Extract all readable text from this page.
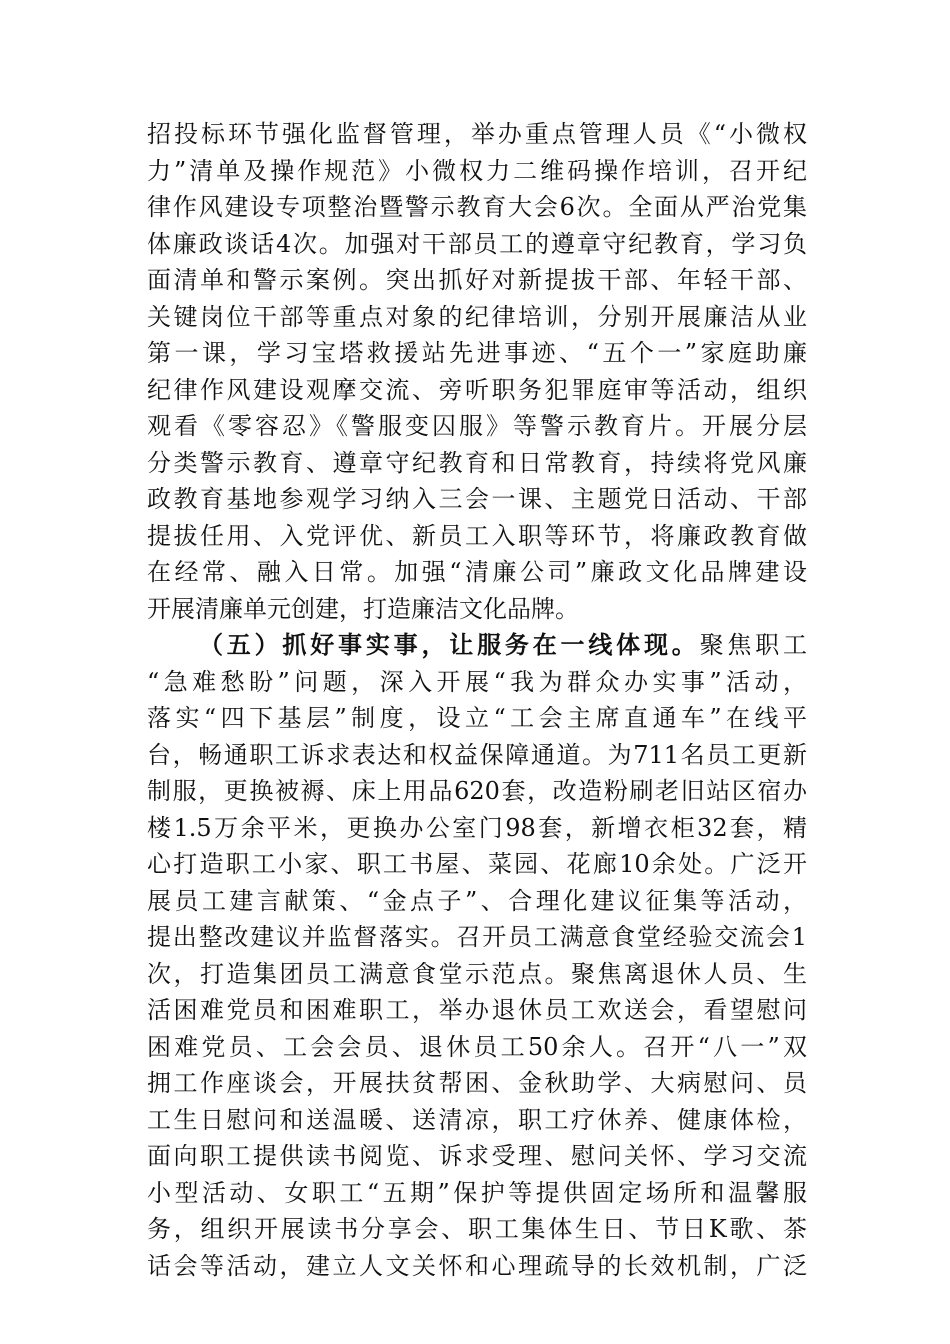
招投标环节强化监督管理，举办重点管理人员《“小微权
力”清单及操作规范》小微权力二维码操作培训，召开纪
律作风建设专项整治暨警示教育大会6次。全面从严治党集
体廉政谈话4次。加强对干部员工的遵章守纪教育，学习负
面清单和警示案例。突出抓好对新提拔干部、年轻干部、
关键岗位干部等重点对象的纪律培训，分别开展廉洁从业
第一课，学习宝塔救援站先进事迹、“五个一”家庭助廉
纪律作风建设观摩交流、旁听职务犯罪庭审等活动，组织
观看《零容忍》《警服变囚服》等警示教育片。开展分层
分类警示教育、遵章守纪教育和日常教育，持续将党风廉
政教育基地参观学习纳入三会一课、主题党日活动、干部
提拔任用、入党评优、新员工入职等环节，将廉政教育做
在经常、融入日常。加强“清廉公司”廉政文化品牌建设
开展清廉单元创建，打造廉洁文化品牌。
（五）抓好事实事，让服务在一线体现。聚焦职工
“急难愁盼”问题，深入开展“我为群众办实事”活动，
落实“四下基层”制度，设立“工会主席直通车”在线平
台，畅通职工诉求表达和权益保障通道。为711名员工更新
制服，更换被褥、床上用品620套，改造粉刷老旧站区宿办
楼1.5万余平米，更换办公室门98套，新增衣柜32套，精
心打造职工小家、职工书屋、菜园、花廊10余处。广泛开
展员工建言献策、“金点子”、合理化建议征集等活动，
提出整改建议并监督落实。召开员工满意食堂经验交流会1
次，打造集团员工满意食堂示范点。聚焦离退休人员、生
活困难党员和困难职工，举办退休员工欢送会，看望慰问
困难党员、工会会员、退休员工50余人。召开“八一”双
拥工作座谈会，开展扶贫帮困、金秋助学、大病慰问、员
工生日慰问和送温暖、送清凉，职工疗休养、健康体检，
面向职工提供读书阅览、诉求受理、慰问关怀、学习交流
小型活动、女职工“五期”保护等提供固定场所和温馨服
务，组织开展读书分享会、职工集体生日、节日K歌、茶
话会等活动，建立人文关怀和心理疏导的长效机制，广泛
